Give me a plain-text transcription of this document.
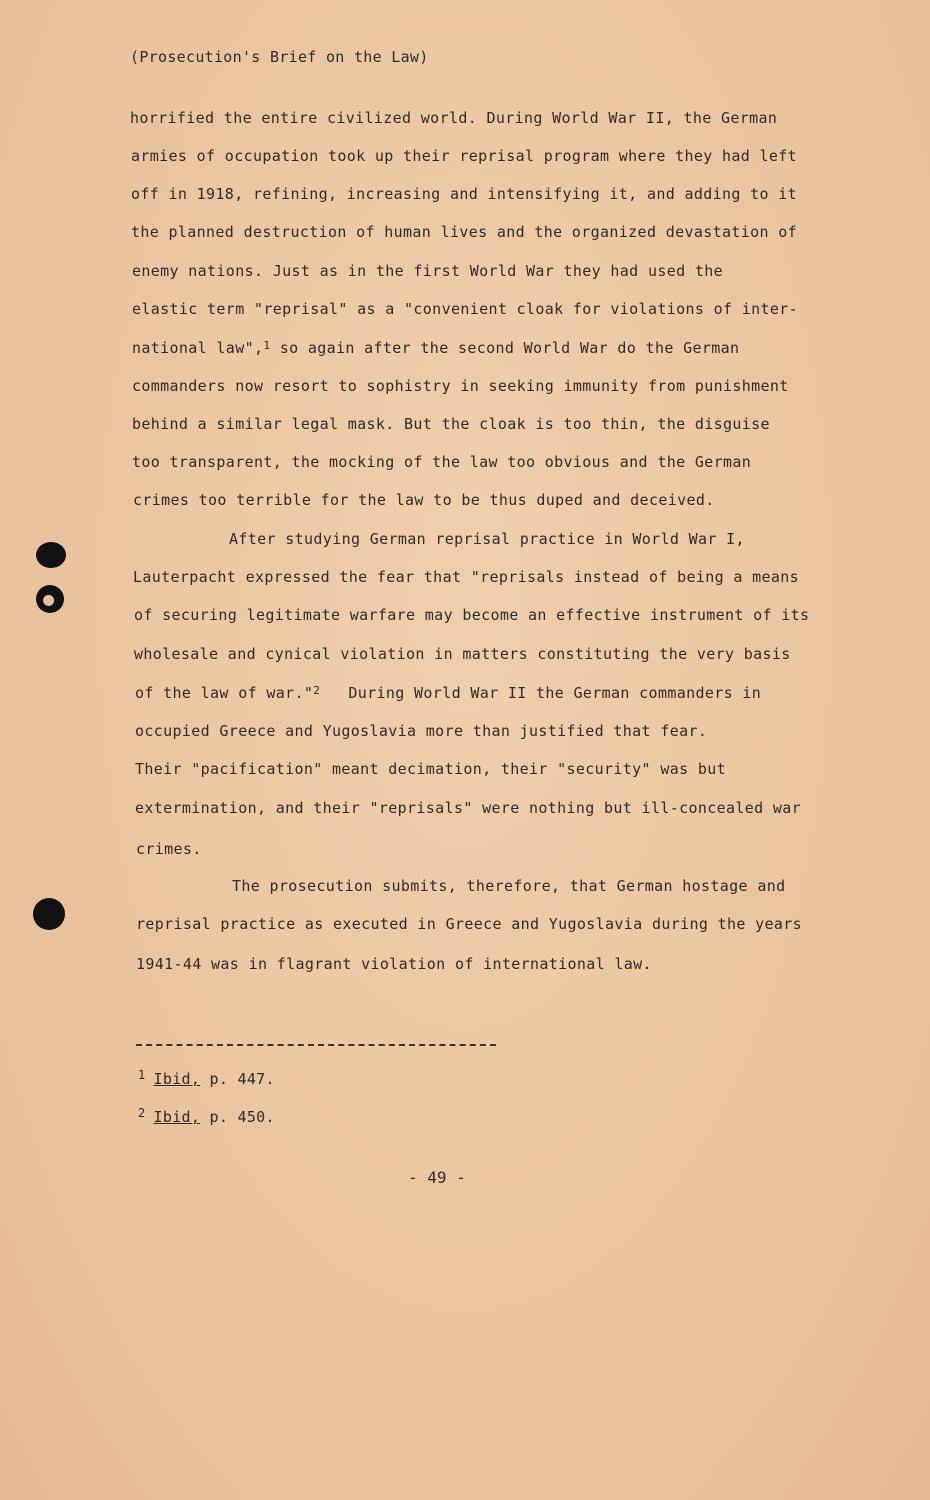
(Prosecution's Brief on the Law)
horrified the entire civilized world. During World War II, the German
armies of occupation took up their reprisal program where they had left
off in 1918, refining, increasing and intensifying it, and adding to it
the planned destruction of human lives and the organized devastation of
enemy nations. Just as in the first World War they had used the
elastic term "reprisal" as a "convenient cloak for violations of inter-
national law",$^1$ so again after the second World War do the German
commanders now resort to sophistry in seeking immunity from punishment
behind a similar legal mask. But the cloak is too thin, the disguise
too transparent, the mocking of the law too obvious and the German
crimes too terrible for the law to be thus duped and deceived.
After studying German reprisal practice in World War I,
Lauterpacht expressed the fear that "reprisals instead of being a means
of securing legitimate warfare may become an effective instrument of its
wholesale and cynical violation in matters constituting the very basis
of the law of war."$^2$ During World War II the German commanders in
occupied Greece and Yugoslavia more than justified that fear.
Their "pacification" meant decimation, their "security" was but
extermination, and their "reprisals" were nothing but ill-concealed war
crimes.
The prosecution submits, therefore, that German hostage and
reprisal practice as executed in Greece and Yugoslavia during the years
1941-44 was in flagrant violation of international law.
$^1$ Ibid, p. 447.
$^2$ Ibid, p. 450.
- 49 -
